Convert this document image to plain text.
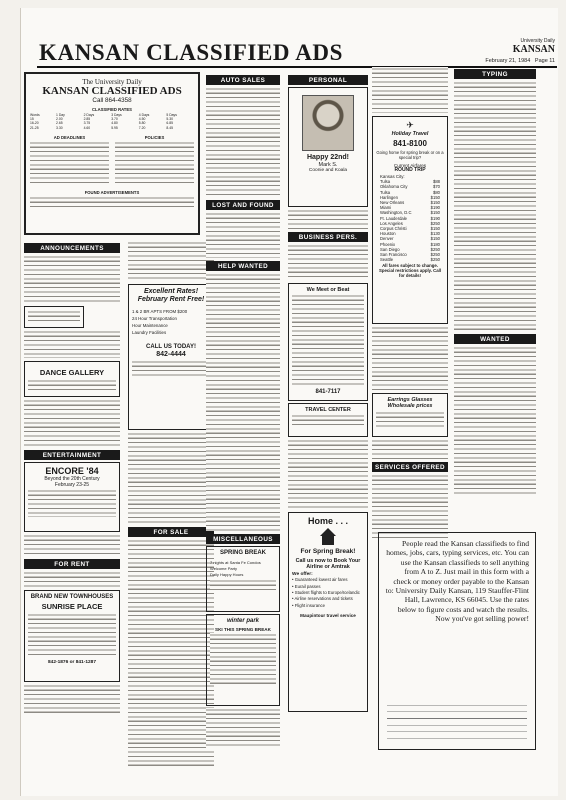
KANSAN CLASSIFIED ADS	University Daily
KANSAN
February 21, 1984 Page 11
The University Daily
KANSAN CLASSIFIED ADS
Call 864-4358
CLASSIFIED RATES
Words	1 Day	2 Days	3 Days	4 Days	5 Days
15	2.00	2.85	3.70	4.50	5.30
16-20	2.65	3.75	4.80	5.80	6.85
21-25	3.30	4.60	5.95	7.20	8.45
AD DEADLINES	POLICIES
FOUND ADVERTISEMENTS
ANNOUNCEMENTS
DANCE GALLERY
ENTERTAINMENT
ENCORE '84
Beyond the 20th Century
February 23-25
FOR RENT
BRAND NEW TOWNHOUSES
SUNRISE PLACE
842-1876 or 841-1287
Excellent Rates! February Rent Free!
1 & 2 BR APTS FROM $200
24 Hour Transportation
Hour Maintenance
Laundry Facilities
CALL US TODAY!
842-4444
FOR SALE
AUTO SALES
LOST AND FOUND
HELP WANTED
MISCELLANEOUS
SPRING BREAK
7 nights at Santa Fe Condos
Welcome Party
Daily Happy Hours
winter park
SKI THIS SPRING BREAK
PERSONAL
Happy 22nd!
Mark S.
Coonie and Koala
BUSINESS PERS.
We Meet or Beat
841-7117
TRAVEL CENTER
Home . . .
For Spring Break!
Call us now to Book Your Airline or Amtrak
We offer:
• Guaranteed lowest air fares
• Eurail passes
• Student flights to Europe/Icelandic
• Airline reservations and tickets
• Flight insurance
Maupintour travel service
✈
Holiday Travel
841-8100
Going home for spring break or on a special trip?
Current Airfares
ROUND TRIP
Kansas City:
Tulsa	$88
Oklahoma City	$70
Tulsa	$80
Harlingen	$150
New Orleans	$150
Miami	$190
Washington, D.C	$150
Ft. Lauderdale	$190
Los Angeles	$250
Corpus Christi	$150
Houston	$130
Denver	$150
Phoenix	$180
San Diego	$250
San Francisco	$250
Seattle	$250
All fares subject to change. Special restrictions apply. Call for details!
Earrings Glasses Wholesale prices
SERVICES OFFERED
TYPING
WANTED
People read the Kansan classifieds to find homes, jobs, cars, typing services, etc. You can use the Kansan classifieds to sell anything from A to Z. Just mail in this form with a check or money order payable to the Kansan to: University Daily Kansan, 119 Stauffer-Flint Hall, Lawrence, KS 66045. Use the rates below to figure costs and watch the results. Now you've got selling power!
